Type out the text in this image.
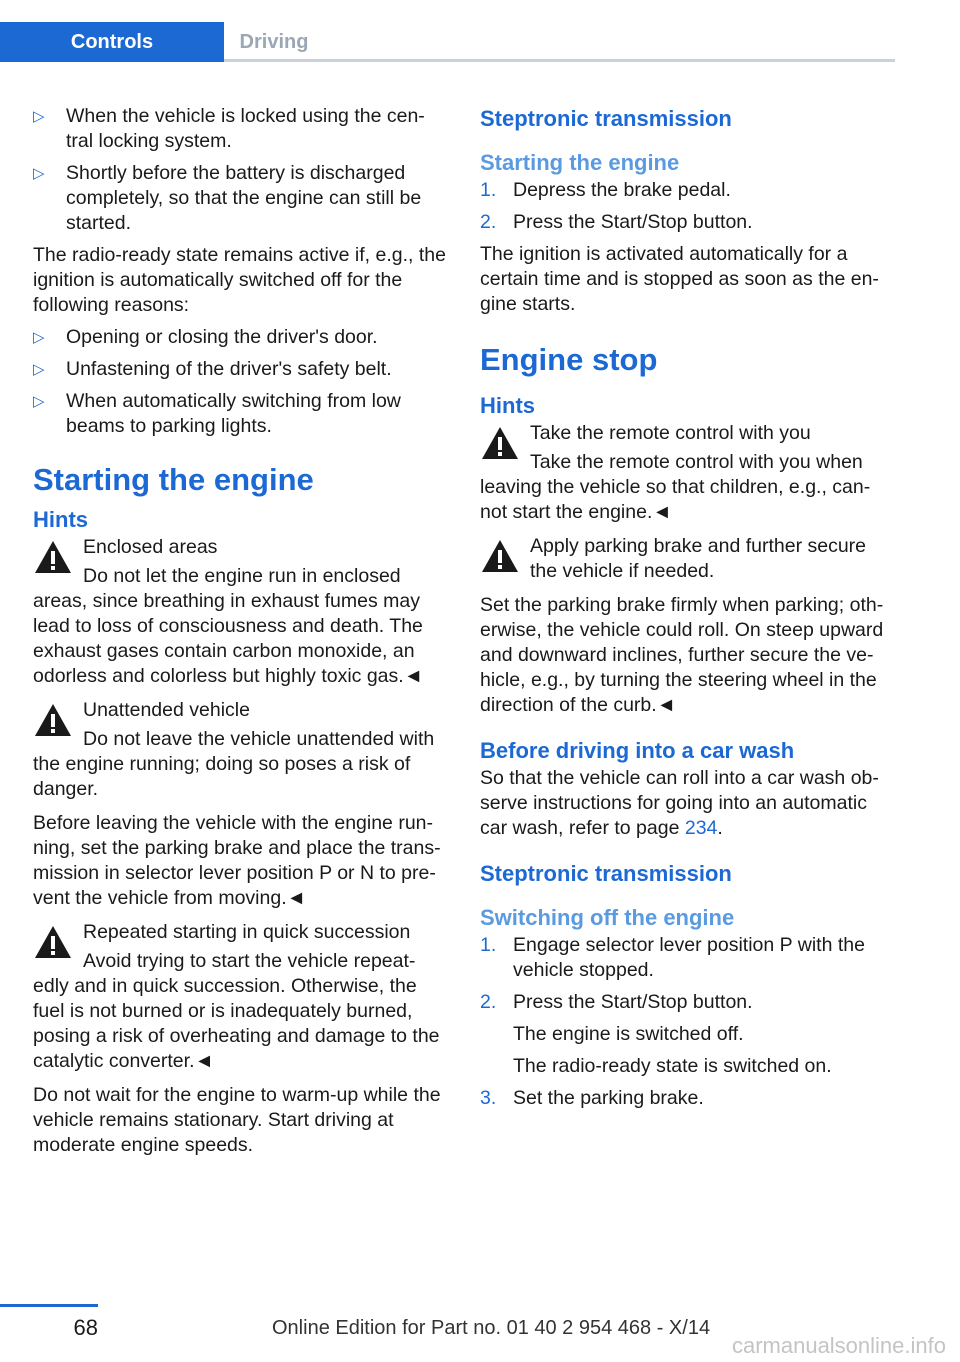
Controls	Driving
▷ When the vehicle is locked using the cen‐tral locking system.
▷ Shortly before the battery is discharged completely, so that the engine can still be started.

The radio-ready state remains active if, e.g., the ignition is automatically switched off for the following reasons:

▷ Opening or closing the driver's door.
▷ Unfastening of the driver's safety belt.
▷ When automatically switching from low beams to parking lights.
Starting the engine
Hints

Enclosed areas

Do not let the engine run in enclosed areas, since breathing in exhaust fumes may lead to loss of consciousness and death. The exhaust gases contain carbon monoxide, an odorless and colorless but highly toxic gas.◄

Unattended vehicle

Do not leave the vehicle unattended with the engine running; doing so poses a risk of danger.

Before leaving the vehicle with the engine run‐ning, set the parking brake and place the trans‐mission in selector lever position P or N to pre‐vent the vehicle from moving.◄

Repeated starting in quick succession

Avoid trying to start the vehicle repeat‐edly and in quick succession. Otherwise, the fuel is not burned or is inadequately burned, posing a risk of overheating and damage to the catalytic converter.◄

Do not wait for the engine to warm-up while the vehicle remains stationary. Start driving at moderate engine speeds.

Steptronic transmission
Starting the engine
1. Depress the brake pedal.
2. Press the Start/Stop button.

The ignition is activated automatically for a certain time and is stopped as soon as the en‐gine starts.

Engine stop
Hints

Take the remote control with you

Take the remote control with you when leaving the vehicle so that children, e.g., can‐not start the engine.◄

Apply parking brake and further secure the vehicle if needed.

Set the parking brake firmly when parking; oth‐erwise, the vehicle could roll. On steep upward and downward inclines, further secure the ve‐hicle, e.g., by turning the steering wheel in the direction of the curb.◄

Before driving into a car wash

So that the vehicle can roll into a car wash ob‐serve instructions for going into an automatic car wash, refer to page 234.

Steptronic transmission
Switching off the engine
1. Engage selector lever position P with the vehicle stopped.
2. Press the Start/Stop button.

The engine is switched off.

The radio-ready state is switched on.

3. Set the parking brake.
68	Online Edition for Part no. 01 40 2 954 468 - X/14
carmanualsonline.info
